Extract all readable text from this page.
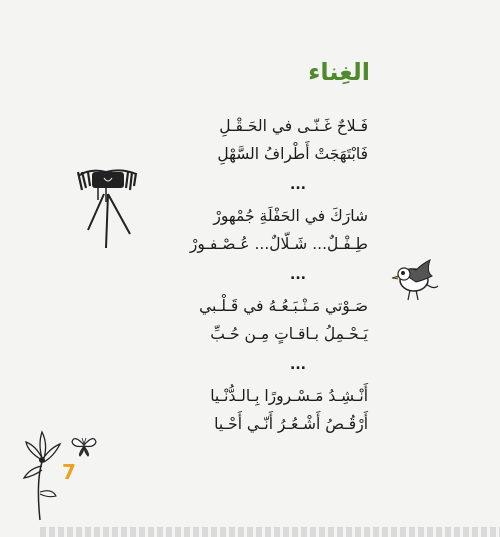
الغِناء
فَـلاحٌ غَـنّـى في الحَـقْـلِ
فَابْتَهَجَتْ أَطْرافُ السَّهْلِ
...
شارَكَ في الحَفْلَةِ جُمْهورْ
طِـفْـلٌ... شَـلّالٌ... عُـصْـفـورْ
...
صَـوْتي مَـنْـبَـعُـهُ في قَـلْـبي
يَـحْـمِلُ بـاقـاتٍ مِـن حُـبِّ
...
أَنْـشِـدُ مَـسْـرورًا بِـالـدُّنْـيا
أَرْقُـصُ أَشْـعُـرُ أَنّـي أَحْـيا
7
